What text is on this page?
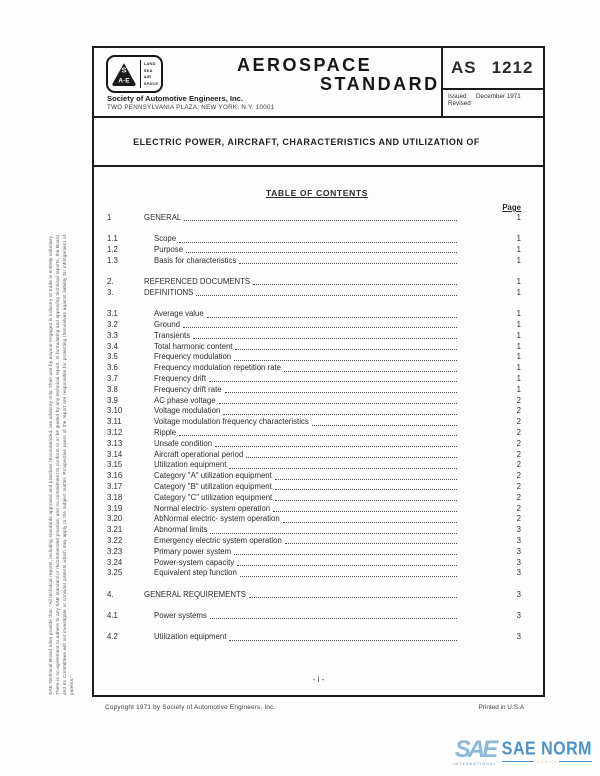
SAE Technical Board rules provide that: “All technical reports, including standards approved and practices recommended, are advisory only. Their use by anyone engaged in industry or trade is entirely voluntary. There is no agreement to adhere to any SAE standard or recommended practice, and no commitment to conform to or be guided by any technical report. In formulating and approving technical reports, the Board and its Committees will not investigate or consider patents which may apply to the subject matter. Prospective users of the report are responsible for protecting themselves against liability for infringement of patents.”
S
A·E
LAND
SEA
AIR
SPACE
AEROSPACE
STANDARD
Society of Automotive Engineers, Inc.
TWO PENNSYLVANIA PLAZA, NEW YORK, N.Y. 10001
AS 1212
Issued	December 1971
Revised
ELECTRIC POWER, AIRCRAFT, CHARACTERISTICS AND UTILIZATION OF
TABLE OF CONTENTS
Page
1	GENERAL	1
1.1	Scope	1
1.2	Purpose	1
1.3	Basis for characteristics	1
2.	REFERENCED DOCUMENTS	1
3.	DEFINITIONS	1
3.1	Average value	1
3.2	Ground	1
3.3	Transients	1
3.4	Total harmonic content	1
3.5	Frequency modulation	1
3.6	Frequency modulation repetition rate	1
3.7	Frequency drift	1
3.8	Frequency drift rate	1
3.9	AC phase voltage	2
3.10	Voltage modulation	2
3.11	Voltage modulation frequency characteristics	2
3.12	Ripple	2
3.13	Unsafe condition	2
3.14	Aircraft operational period	2
3.15	Utilization equipment	2
3.16	Category "A" utilization equipment	2
3.17	Category "B" utilization equipment	2
3.18	Category "C" utilization equipment	2
3.19	Normal electric- system operation	2
3.20	AbNormal electric- system operation	2
3.21	Abnormal limits	3
3.22	Emergency electric system operation	3
3.23	Primary power system	3
3.24	Power-system capacity	3
3.25	Equivalent step function	3
4.	GENERAL REQUIREMENTS	3
4.1	Power systems	3
4.2	Utilization equipment	3
- i -
Copyright 1971 by Society of Automotive Engineers, Inc.	Printed in U.S.A
SAE
INTERNATIONAL
SAE NORM
▪ ▪ ▪ ▪ ▪
